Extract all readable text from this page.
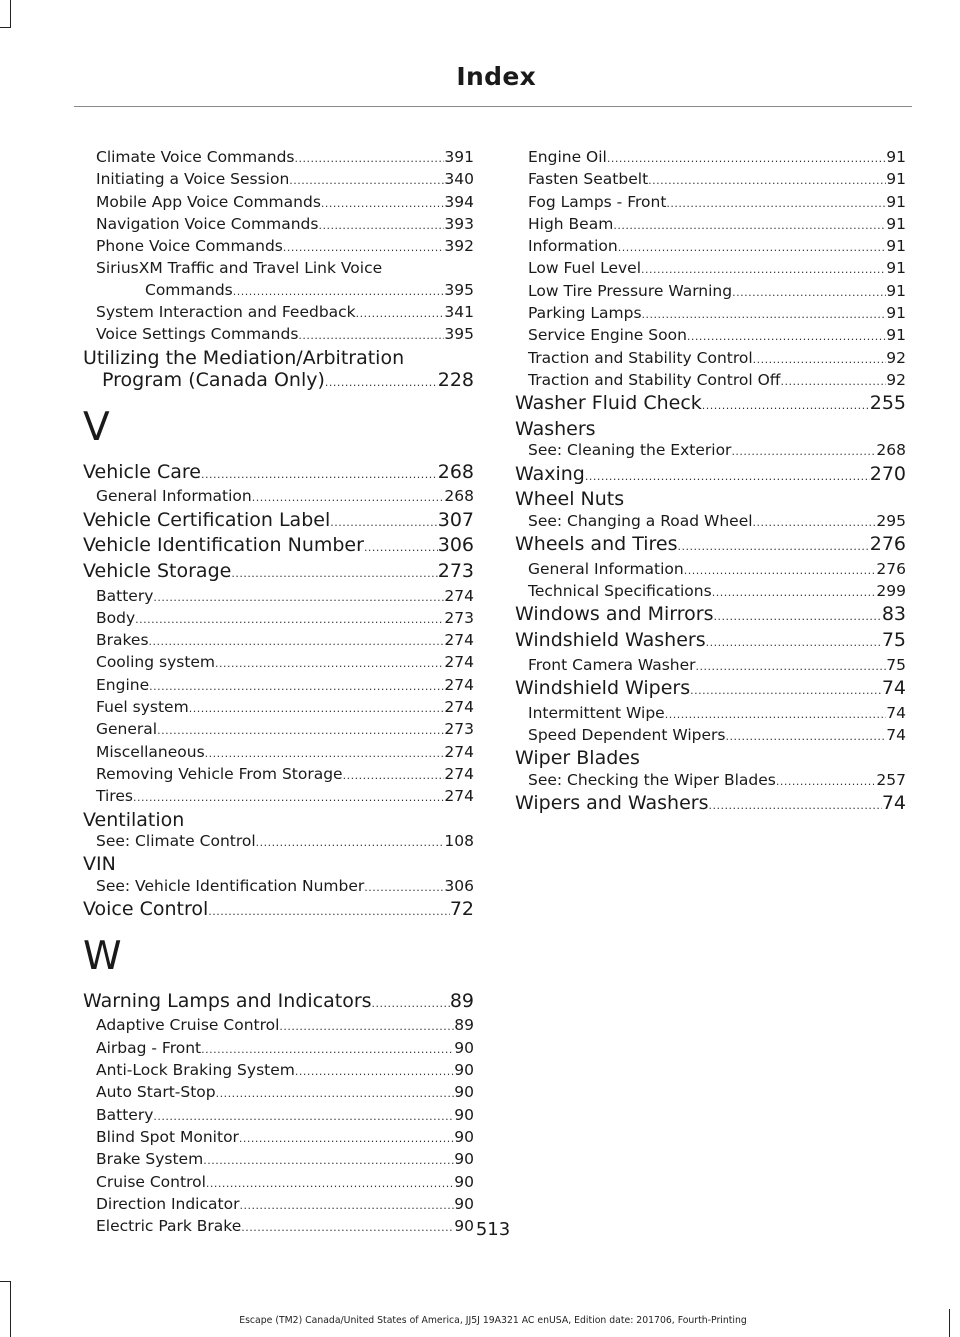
Index
Climate Voice Commands .....	391
Initiating a Voice Session .....	340
Mobile App Voice Commands .....	394
Navigation Voice Commands .....	393
Phone Voice Commands .....	392
SiriusXM Traffic and Travel Link Voice
Commands .....	395
System Interaction and Feedback .....	341
Voice Settings Commands .....	395
Utilizing the Mediation/Arbitration
Program (Canada Only) .....	228
V
Vehicle Care .....	268
General Information .....	268
Vehicle Certification Label .....	307
Vehicle Identification Number .....	306
Vehicle Storage .....	273
Battery .....	274
Body .....	273
Brakes .....	274
Cooling system .....	274
Engine .....	274
Fuel system .....	274
General .....	273
Miscellaneous .....	274
Removing Vehicle From Storage .....	274
Tires .....	274
Ventilation
See: Climate Control .....	108
VIN
See: Vehicle Identification Number .....	306
Voice Control .....	72
W
Warning Lamps and Indicators .....	89
Adaptive Cruise Control .....	89
Airbag - Front .....	90
Anti-Lock Braking System .....	90
Auto Start-Stop .....	90
Battery .....	90
Blind Spot Monitor .....	90
Brake System .....	90
Cruise Control .....	90
Direction Indicator .....	90
Electric Park Brake .....	90
Engine Oil .....	91
Fasten Seatbelt .....	91
Fog Lamps - Front .....	91
High Beam .....	91
Information .....	91
Low Fuel Level .....	91
Low Tire Pressure Warning .....	91
Parking Lamps .....	91
Service Engine Soon .....	91
Traction and Stability Control .....	92
Traction and Stability Control Off .....	92
Washer Fluid Check .....	255
Washers
See: Cleaning the Exterior .....	268
Waxing .....	270
Wheel Nuts
See: Changing a Road Wheel .....	295
Wheels and Tires .....	276
General Information .....	276
Technical Specifications .....	299
Windows and Mirrors .....	83
Windshield Washers .....	75
Front Camera Washer .....	75
Windshield Wipers .....	74
Intermittent Wipe .....	74
Speed Dependent Wipers .....	74
Wiper Blades
See: Checking the Wiper Blades .....	257
Wipers and Washers .....	74
513
Escape (TM2) Canada/United States of America, JJ5J 19A321 AC enUSA, Edition date: 201706, Fourth-Printing
